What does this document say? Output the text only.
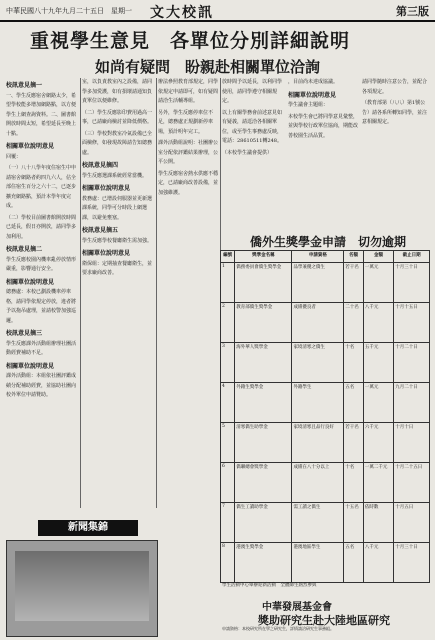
中華民國八十九年九月二十五日　星期一 文大校訊	第三版
重視學生意見　各單位分別詳細說明
如尚有疑問　盼親赴相關單位洽詢
校訊意見摘一

一、學生反應宿舍網路太少，希望學校能多增加網路點，以方便學生上網查詢資料。二、圖書館開放時間太短，希望延長至晚上十點。

相關單位說明意見

回覆：

（一）八十八學年度住宿生中申請宿舍網路者約四九六人，佔全部住宿生百分之六十二，已逐步擴充網路點，預計本學年度完成。

（二）學校目前圖書館開放時間已延長，假日亦開放，請同學多加利用。

校訊意見摘二

學生反應校園內機車亂停放情形嚴重，影響通行安全。

相關單位說明意見

總務處：本校已劃設機車停車格，請同學依規定停放，違者將予以拖吊處理，並請校警加強巡邏。

校訊意見摘三

學生反應課外活動組辦理社團活動經費補助不足。

相關單位說明意見

課外活動組：本組依社團評鑑成績分配補助經費，並協助社團向校外單位申請贊助。

室，以負責教室內之設備，請同學多加愛護，如有損壞請通知負責單位以便維修。

（二）學生反應影印費用過高一事，已請廠商檢討並降低價格。

（三）學校對教室冷氣設備已全面檢修，如發現故障請告知總務處。

校訊意見摘四

學生反應選課系統經常當機。

相關單位說明意見

教務處：已增設伺服器並更新選課系統，同學可分時段上網選課，以避免壅塞。

校訊意見摘五

學生反應學校餐廳衛生需加強。

相關單位說明意見

衛保組：定期抽查餐廳衛生，並要求廠商改善。

辦法參照教育部規定，同學依規定申請即可，如有疑問請洽生活輔導組。

另外，學生反應停車位不足，總務處正規劃新停車場，預計明年完工。

課外活動組說明：社團辦公室分配依評鑑結果辦理，公平公開。

學生反應宿舍熱水供應不穩定，已請廠商改善設備，並加強維護。

放時間予以延長，以利同學使用，請同學遵守相關規定。

以上有關學務會前述意見如有疑義，請逕洽各相關單位，或至學生事務處反映，電話：28610511轉248。

（本校學生議會提供）

，目前尚未達成協議。

相關單位說明意見

學生議會主題組：

本校學生會已將同學意見彙整，並與學校行政單位協商，期能改善校園生活品質。

請同學隨時注意公告，並配合各項規定。

（教育部第（八八）第1號公告）請各系所轉知同學，並注意相關規定。

僑外生獎學金申請　切勿逾期
編號	獎學金名稱	申請資格	名額	金額	截止日期
1	僑務委員會僑生獎學金	品學兼優之僑生	若干名	一萬元	十月三十日
2	教育部僑生獎學金	成績優良者	二十名	八千元	十月十五日
3	海外華人獎學金	家境清寒之僑生	十名	五千元	十月二十日
4	外籍生獎學金	外籍學生	五名	一萬元	九月二十日
5	清寒僑生助學金	家境清寒且品行良好	若干名	六千元	十月十日
6	僑聯總會獎學金	成績在八十分以上	十名	一萬二千元	十月二十五日
7	僑生工讀助學金	需工讀之僑生	十五名	依時數	十月五日
8	港澳生獎學金	港澳地區學生	五名	八千元	十月三十日
新聞集錦
學生活動中心舉辦迎新活動　全體師生熱烈參與
中華發展基金會
獎助研究生赴大陸地區研究
申請資格：本校研究所在學之研究生，詳情請洽研究生事務組。
